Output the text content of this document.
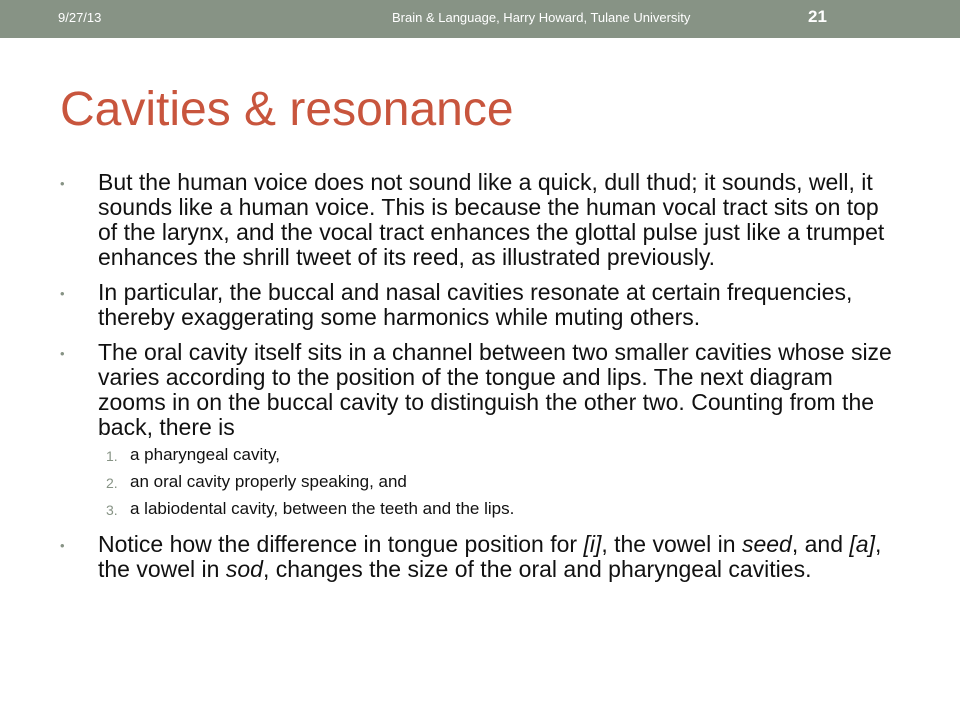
9/27/13	Brain & Language, Harry Howard, Tulane University	21
Cavities & resonance

• But the human voice does not sound like a quick, dull thud; it sounds, well, it sounds like a human voice. This is because the human vocal tract sits on top of the larynx, and the vocal tract enhances the glottal pulse just like a trumpet enhances the shrill tweet of its reed, as illustrated previously.

• In particular, the buccal and nasal cavities resonate at certain frequencies, thereby exaggerating some harmonics while muting others.

• The oral cavity itself sits in a channel between two smaller cavities whose size varies according to the position of the tongue and lips. The next diagram zooms in on the buccal cavity to distinguish the other two. Counting from the back, there is

1. a pharyngeal cavity,

2. an oral cavity properly speaking, and

3. a labiodental cavity, between the teeth and the lips.

• Notice how the difference in tongue position for [i], the vowel in seed, and [a], the vowel in sod, changes the size of the oral and pharyngeal cavities.
